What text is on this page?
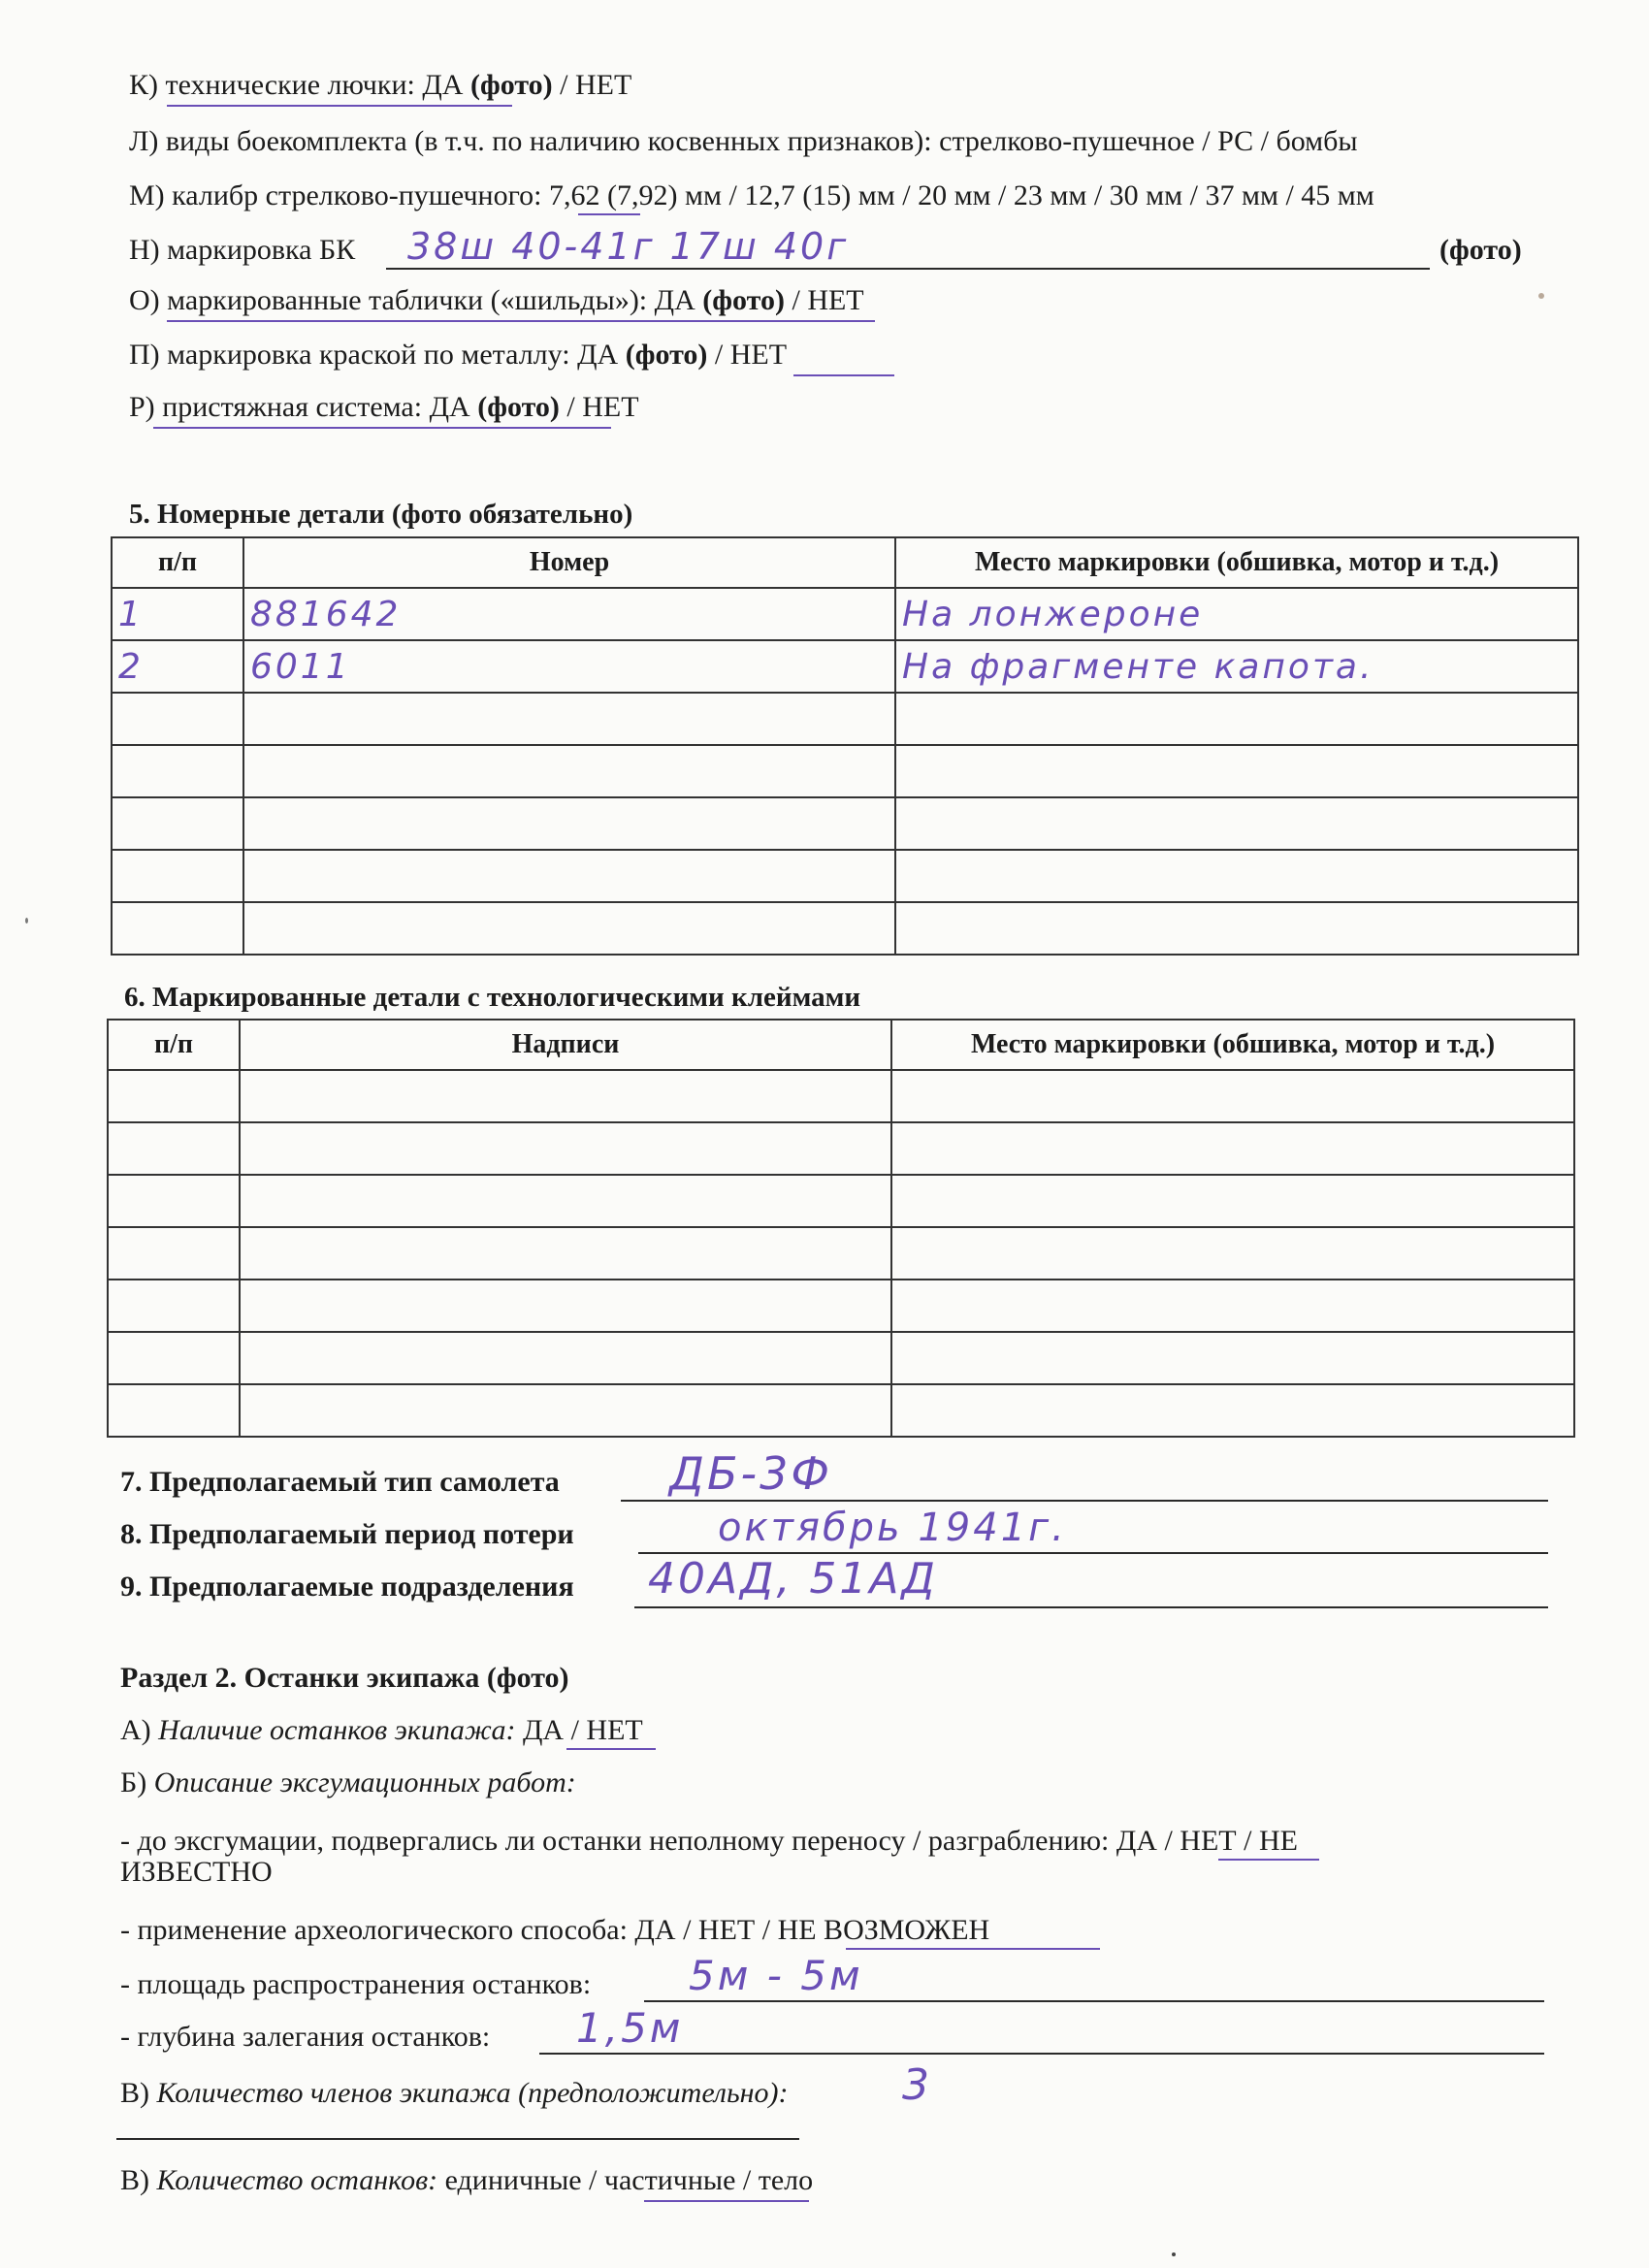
К) технические лючки: ДА (фото) / НЕТ
Л) виды боекомплекта (в т.ч. по наличию косвенных признаков): стрелково-пушечное / РС / бомбы
М) калибр стрелково-пушечного: 7,62 (7,92) мм / 12,7 (15) мм / 20 мм / 23 мм / 30 мм / 37 мм / 45 мм
Н) маркировка БК 38ш 40-41г 17ш 40г	(фото)
О) маркированные таблички («шильды»): ДА (фото) / НЕТ
П) маркировка краской по металлу: ДА (фото) / НЕТ
Р) пристяжная система: ДА (фото) / НЕТ
5. Номерные детали (фото обязательно)
п/п	Номер	Место маркировки (обшивка, мотор и т.д.)
1	881642	На лонжероне
2	6011	На фрагменте капота.

6. Маркированные детали с технологическими клеймами
п/п	Надписи	Место маркировки (обшивка, мотор и т.д.)

7. Предполагаемый тип самолета ДБ-3Ф
8. Предполагаемый период потери	октябрь 1941г.
9. Предполагаемые подразделения 40АД, 51АД
Раздел 2. Останки экипажа (фото)
А) Наличие останков экипажа: ДА / НЕТ
Б) Описание эксгумационных работ:
- до эксгумации, подвергались ли останки неполному переносу / разграблению: ДА / НЕТ / НЕ
ИЗВЕСТНО
- применение археологического способа: ДА / НЕТ / НЕ ВОЗМОЖЕН
- площадь распространения останков: 5м - 5м
- глубина залегания останков: 1,5м
В) Количество членов экипажа (предположительно):	3
В) Количество останков: единичные / частичные / тело
